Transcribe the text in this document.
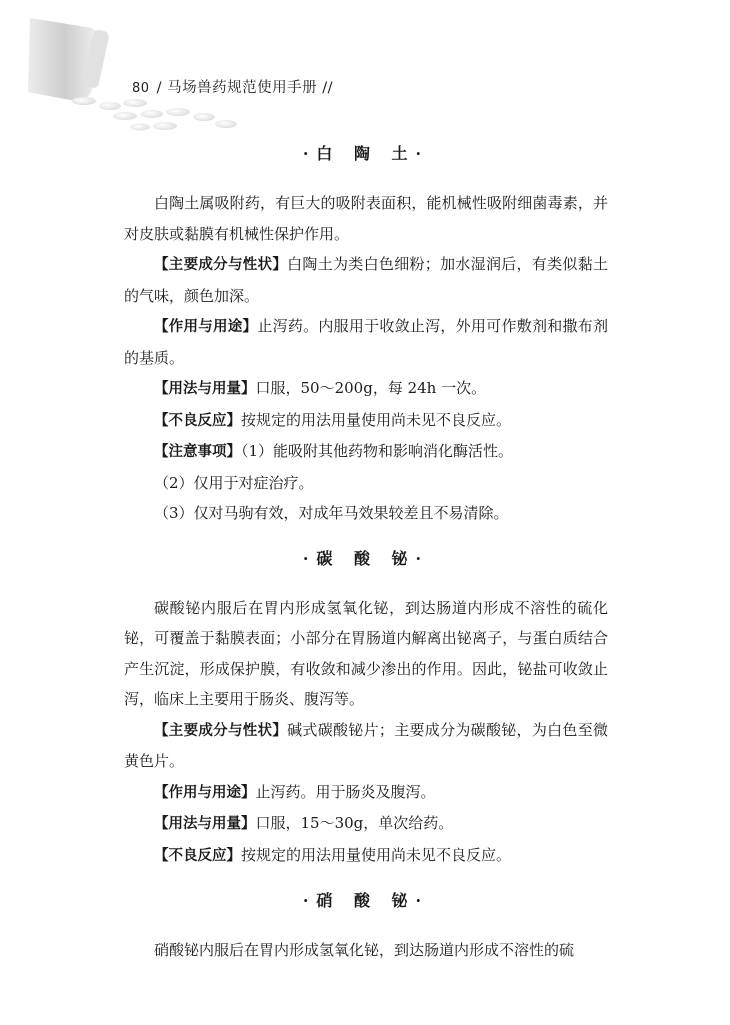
80 / 马场兽药规范使用手册 //
·白 陶 土·

白陶土属吸附药，有巨大的吸附表面积，能机械性吸附细菌毒素，并对皮肤或黏膜有机械性保护作用。

【主要成分与性状】白陶土为类白色细粉；加水湿润后，有类似黏土的气味，颜色加深。

【作用与用途】止泻药。内服用于收敛止泻，外用可作敷剂和撒布剂的基质。

【用法与用量】口服，50～200g，每 24h 一次。

【不良反应】按规定的用法用量使用尚未见不良反应。

【注意事项】（1）能吸附其他药物和影响消化酶活性。

（2）仅用于对症治疗。

（3）仅对马驹有效，对成年马效果较差且不易清除。

·碳 酸 铋·

碳酸铋内服后在胃内形成氢氧化铋，到达肠道内形成不溶性的硫化铋，可覆盖于黏膜表面；小部分在胃肠道内解离出铋离子，与蛋白质结合产生沉淀，形成保护膜，有收敛和减少渗出的作用。因此，铋盐可收敛止泻，临床上主要用于肠炎、腹泻等。

【主要成分与性状】碱式碳酸铋片；主要成分为碳酸铋，为白色至微黄色片。

【作用与用途】止泻药。用于肠炎及腹泻。

【用法与用量】口服，15～30g，单次给药。

【不良反应】按规定的用法用量使用尚未见不良反应。

·硝 酸 铋·

硝酸铋内服后在胃内形成氢氧化铋，到达肠道内形成不溶性的硫
